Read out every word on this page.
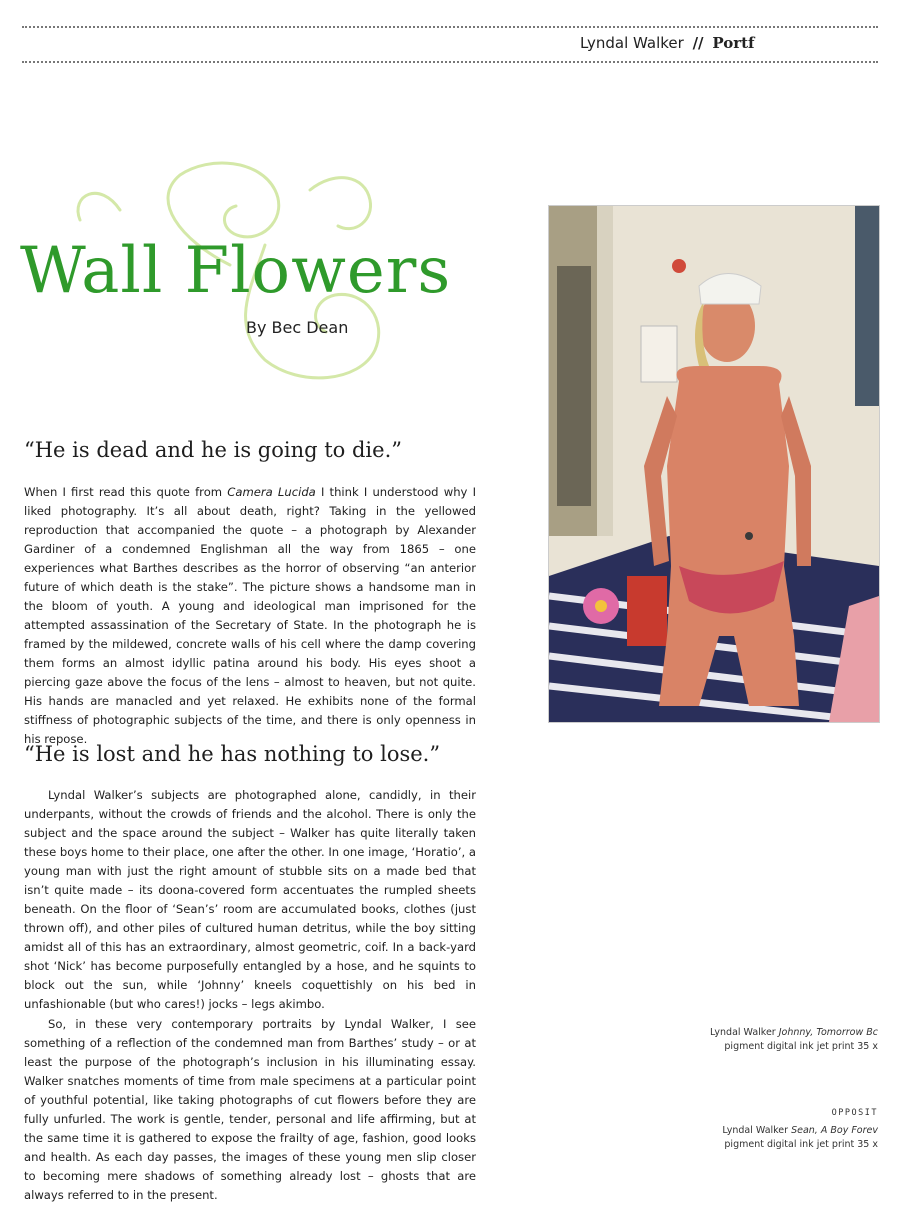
Lyndal Walker // Portf
Wall Flowers
By Bec Dean
“He is dead and he is going to die.”

When I first read this quote from Camera Lucida I think I understood why I liked photography. It’s all about death, right? Taking in the yellowed reproduction that accompanied the quote – a photograph by Alexander Gardiner of a condemned Englishman all the way from 1865 – one experiences what Barthes describes as the horror of observing “an anterior future of which death is the stake”. The picture shows a handsome man in the bloom of youth. A young and ideological man imprisoned for the attempted assassination of the Secretary of State. In the photograph he is framed by the mildewed, concrete walls of his cell where the damp covering them forms an almost idyllic patina around his body. His eyes shoot a piercing gaze above the focus of the lens – almost to heaven, but not quite. His hands are manacled and yet relaxed. He exhibits none of the formal stiffness of photographic subjects of the time, and there is only openness in his repose.

“He is lost and he has nothing to lose.”

Lyndal Walker’s subjects are photographed alone, candidly, in their underpants, without the crowds of friends and the alcohol. There is only the subject and the space around the subject – Walker has quite literally taken these boys home to their place, one after the other. In one image, ‘Horatio’, a young man with just the right amount of stubble sits on a made bed that isn’t quite made – its doona-covered form accentuates the rumpled sheets beneath. On the floor of ‘Sean’s’ room are accumulated books, clothes (just thrown off), and other piles of cultured human detritus, while the boy sitting amidst all of this has an extraordinary, almost geometric, coif. In a back-yard shot ‘Nick’ has become purposefully entangled by a hose, and he squints to block out the sun, while ‘Johnny’ kneels coquettishly on his bed in unfashionable (but who cares!) jocks – legs akimbo.

So, in these very contemporary portraits by Lyndal Walker, I see something of a reflection of the condemned man from Barthes’ study – or at least the purpose of the photograph’s inclusion in his illuminating essay. Walker snatches moments of time from male specimens at a particular point of youthful potential, like taking photographs of cut flowers before they are fully unfurled. The work is gentle, tender, personal and life affirming, but at the same time it is gathered to expose the frailty of age, fashion, good looks and health. As each day passes, the images of these young men slip closer to becoming mere shadows of something already lost – ghosts that are always referred to in the present.

Lyndal Walker Johnny, Tomorrow Bc
pigment digital ink jet print 35 x
OPPOSIT
Lyndal Walker Sean, A Boy Forev
pigment digital ink jet print 35 x
